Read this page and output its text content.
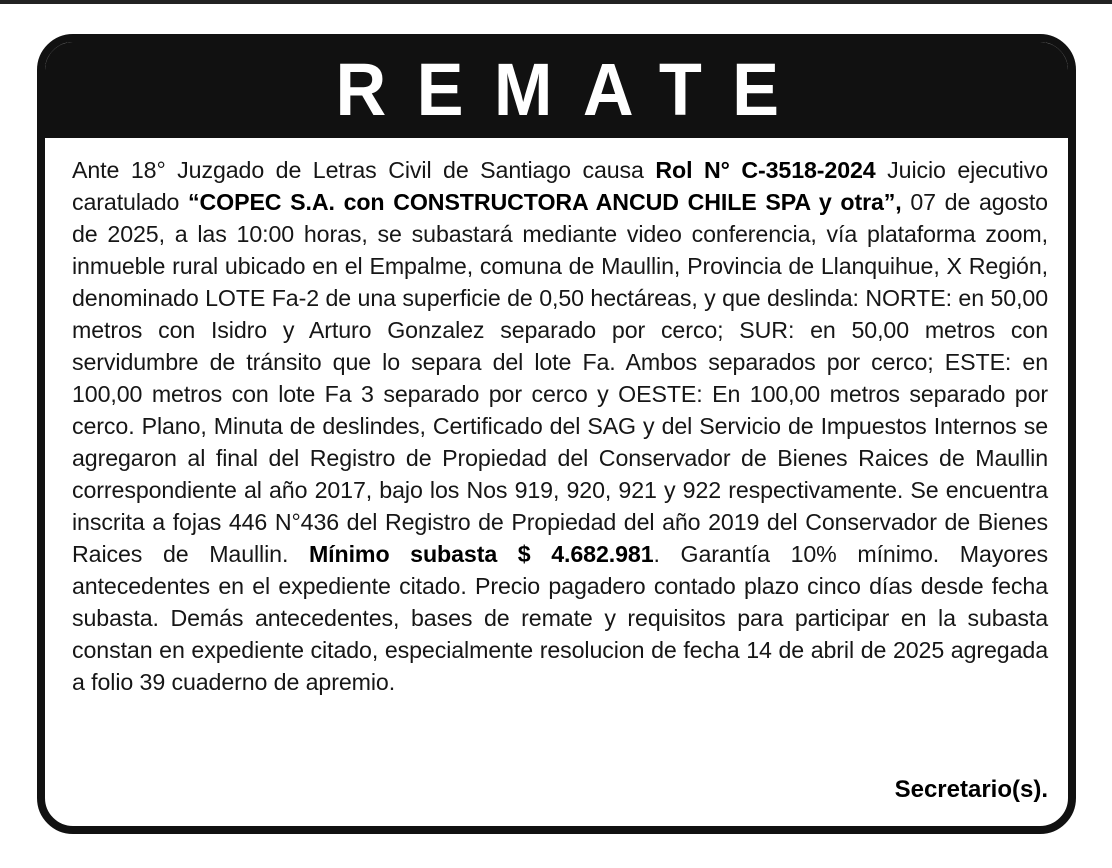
REMATE

Ante 18° Juzgado de Letras Civil de Santiago causa Rol N° C-3518-2024 Juicio ejecutivo caratulado “COPEC S.A. con CONSTRUCTORA ANCUD CHILE SPA y otra”, 07 de agosto de 2025, a las 10:00 horas, se subastará mediante video conferencia, vía plataforma zoom, inmueble rural ubicado en el Empalme, comuna de Maullin, Provincia de Llanquihue, X Región, denominado LOTE Fa-2 de una superficie de 0,50 hectáreas, y que deslinda: NORTE: en 50,00 metros con Isidro y Arturo Gonzalez separado por cerco; SUR: en 50,00 metros con servidumbre de tránsito que lo separa del lote Fa. Ambos separados por cerco; ESTE: en 100,00 metros con lote Fa 3 separado por cerco y OESTE: En 100,00 metros separado por cerco. Plano, Minuta de deslindes, Certificado del SAG y del Servicio de Impuestos Internos se agregaron al final del Registro de Propiedad del Conservador de Bienes Raices de Maullin correspondiente al año 2017, bajo los Nos 919, 920, 921 y 922 respectivamente. Se encuentra inscrita a fojas 446 N°436 del Registro de Propiedad del año 2019 del Conservador de Bienes Raices de Maullin. Mínimo subasta $ 4.682.981. Garantía 10% mínimo. Mayores antecedentes en el expediente citado. Precio pagadero contado plazo cinco días desde fecha subasta. Demás antecedentes, bases de remate y requisitos para participar en la subasta constan en expediente citado, especialmente resolucion de fecha 14 de abril de 2025 agregada a folio 39 cuaderno de apremio.

Secretario(s).
